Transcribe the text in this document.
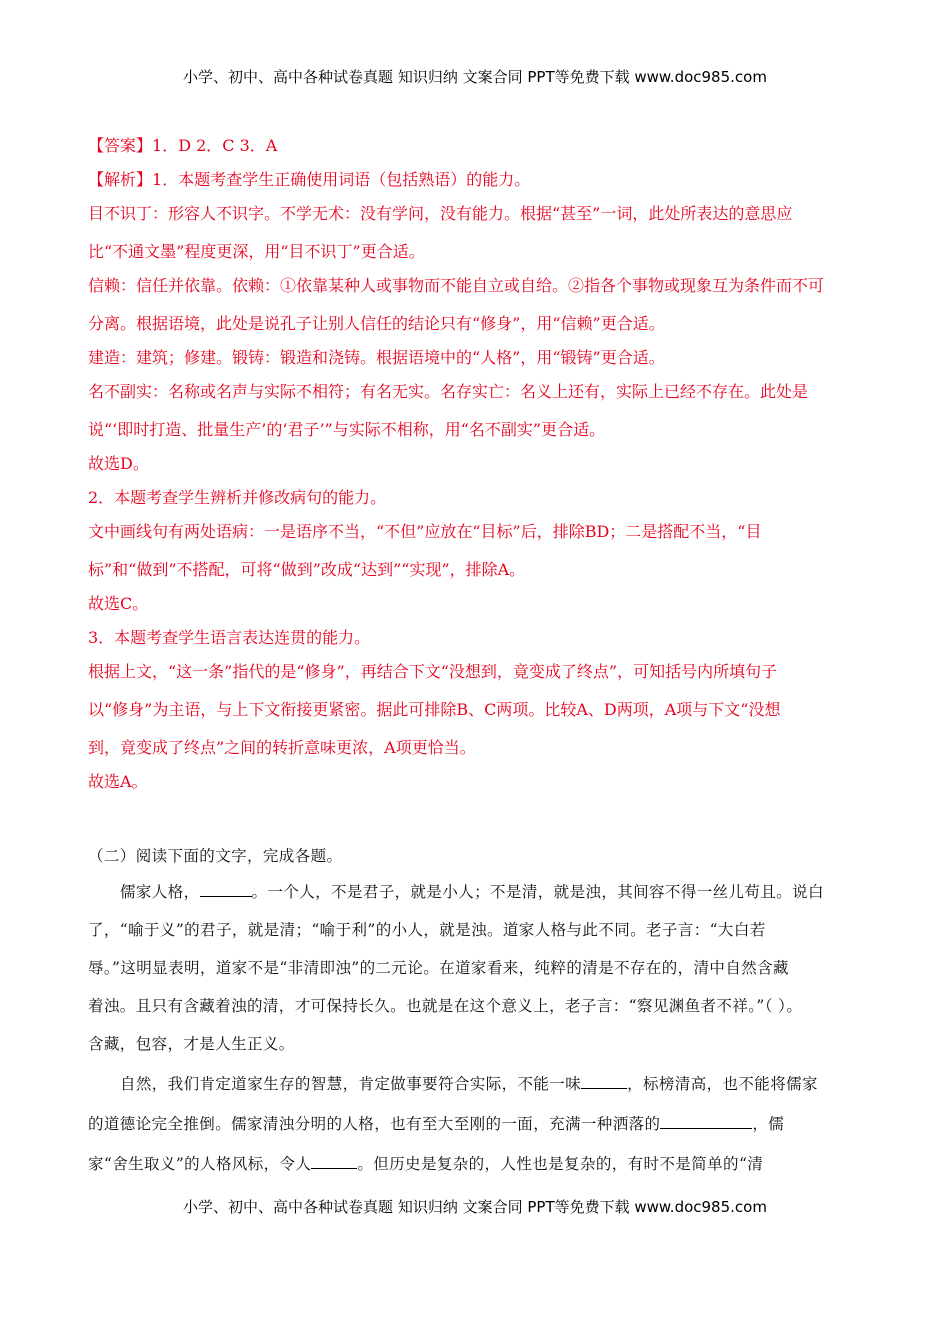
小学、初中、高中各种试卷真题 知识归纳 文案合同 PPT等免费下载 www.doc985.com
【答案】1．D 2．C 3．A
【解析】1．本题考查学生正确使用词语（包括熟语）的能力。
目不识丁：形容人不识字。不学无术：没有学问，没有能力。根据“甚至”一词，此处所表达的意思应
比“不通文墨”程度更深，用“目不识丁”更合适。
信赖：信任并依靠。依赖：①依靠某种人或事物而不能自立或自给。②指各个事物或现象互为条件而不可
分离。根据语境，此处是说孔子让别人信任的结论只有“修身”，用“信赖”更合适。
建造：建筑；修建。锻铸：锻造和浇铸。根据语境中的“人格”，用“锻铸”更合适。
名不副实：名称或名声与实际不相符；有名无实。名存实亡：名义上还有，实际上已经不存在。此处是
说“‘即时打造、批量生产’的‘君子’”与实际不相称，用“名不副实”更合适。
故选D。
2．本题考查学生辨析并修改病句的能力。
文中画线句有两处语病：一是语序不当，“不但”应放在“目标”后，排除BD；二是搭配不当，“目
标”和“做到”不搭配，可将“做到”改成“达到”“实现”，排除A。
故选C。
3．本题考查学生语言表达连贯的能力。
根据上文，“这一条”指代的是“修身”，再结合下文“没想到，竟变成了终点”，可知括号内所填句子
以“修身”为主语，与上下文衔接更紧密。据此可排除B、C两项。比较A、D两项，A项与下文“没想
到，竟变成了终点”之间的转折意味更浓，A项更恰当。
故选A。
（二）阅读下面的文字，完成各题。
儒家人格，	。一个人，不是君子，就是小人；不是清，就是浊，其间容不得一丝儿苟且。说白
了，“喻于义”的君子，就是清；“喻于利”的小人，就是浊。道家人格与此不同。老子言：“大白若
辱。”这明显表明，道家不是“非清即浊”的二元论。在道家看来，纯粹的清是不存在的，清中自然含藏
着浊。且只有含藏着浊的清，才可保持长久。也就是在这个意义上，老子言：“察见渊鱼者不祥。”（ ）。
含藏，包容，才是人生正义。
自然，我们肯定道家生存的智慧，肯定做事要符合实际，不能一味	，标榜清高，也不能将儒家
的道德论完全推倒。儒家清浊分明的人格，也有至大至刚的一面，充满一种洒落的	，儒
家“舍生取义”的人格风标，令人	。但历史是复杂的，人性也是复杂的，有时不是简单的“清
小学、初中、高中各种试卷真题 知识归纳 文案合同 PPT等免费下载 www.doc985.com
